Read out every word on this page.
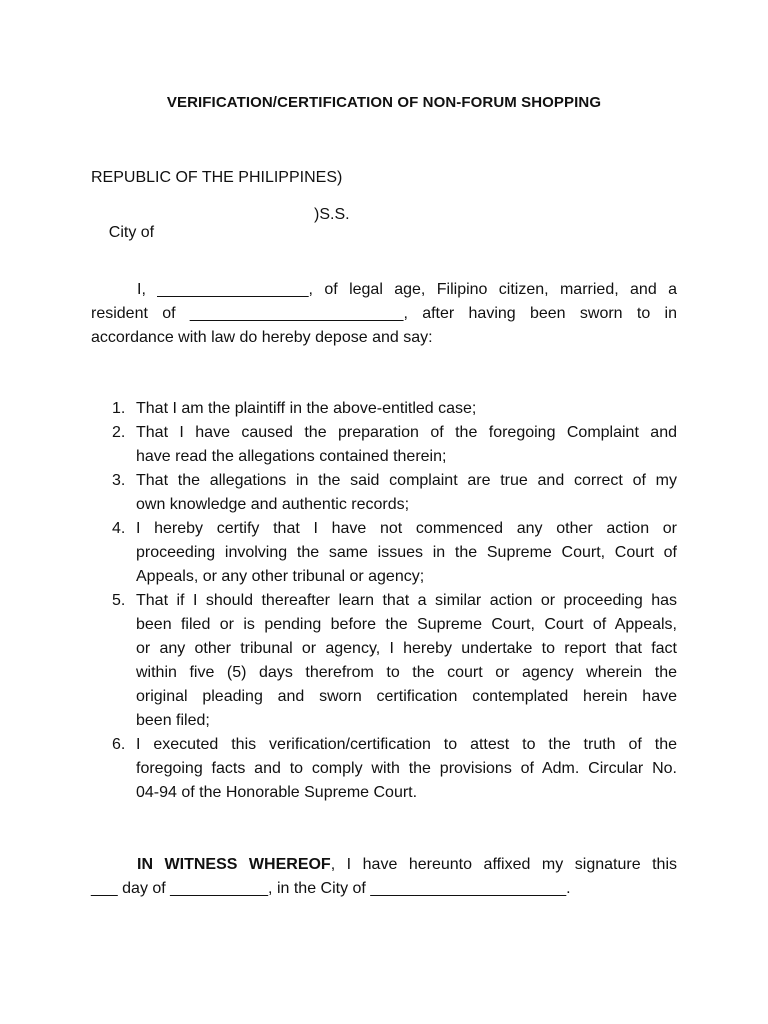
VERIFICATION/CERTIFICATION OF NON-FORUM SHOPPING
REPUBLIC OF THE PHILIPPINES)

City of

)S.S.

I, _________________, of legal age, Filipino citizen, married, and a
resident of ________________________, after having been sworn to in
accordance with law do hereby depose and say:
1. That I am the plaintiff in the above-entitled case;
2. That I have caused the preparation of the foregoing Complaint and
have read the allegations contained therein;
3. That the allegations in the said complaint are true and correct of my
own knowledge and authentic records;
4. I hereby certify that I have not commenced any other action or
proceeding involving the same issues in the Supreme Court, Court of
Appeals, or any other tribunal or agency;
5. That if I should thereafter learn that a similar action or proceeding has
been filed or is pending before the Supreme Court, Court of Appeals,
or any other tribunal or agency, I hereby undertake to report that fact
within five (5) days therefrom to the court or agency wherein the
original pleading and sworn certification contemplated herein have
been filed;
6. I executed this verification/certification to attest to the truth of the
foregoing facts and to comply with the provisions of Adm. Circular No.
04-94 of the Honorable Supreme Court.
IN WITNESS WHEREOF, I have hereunto affixed my signature this
___ day of ___________, in the City of ______________________.
